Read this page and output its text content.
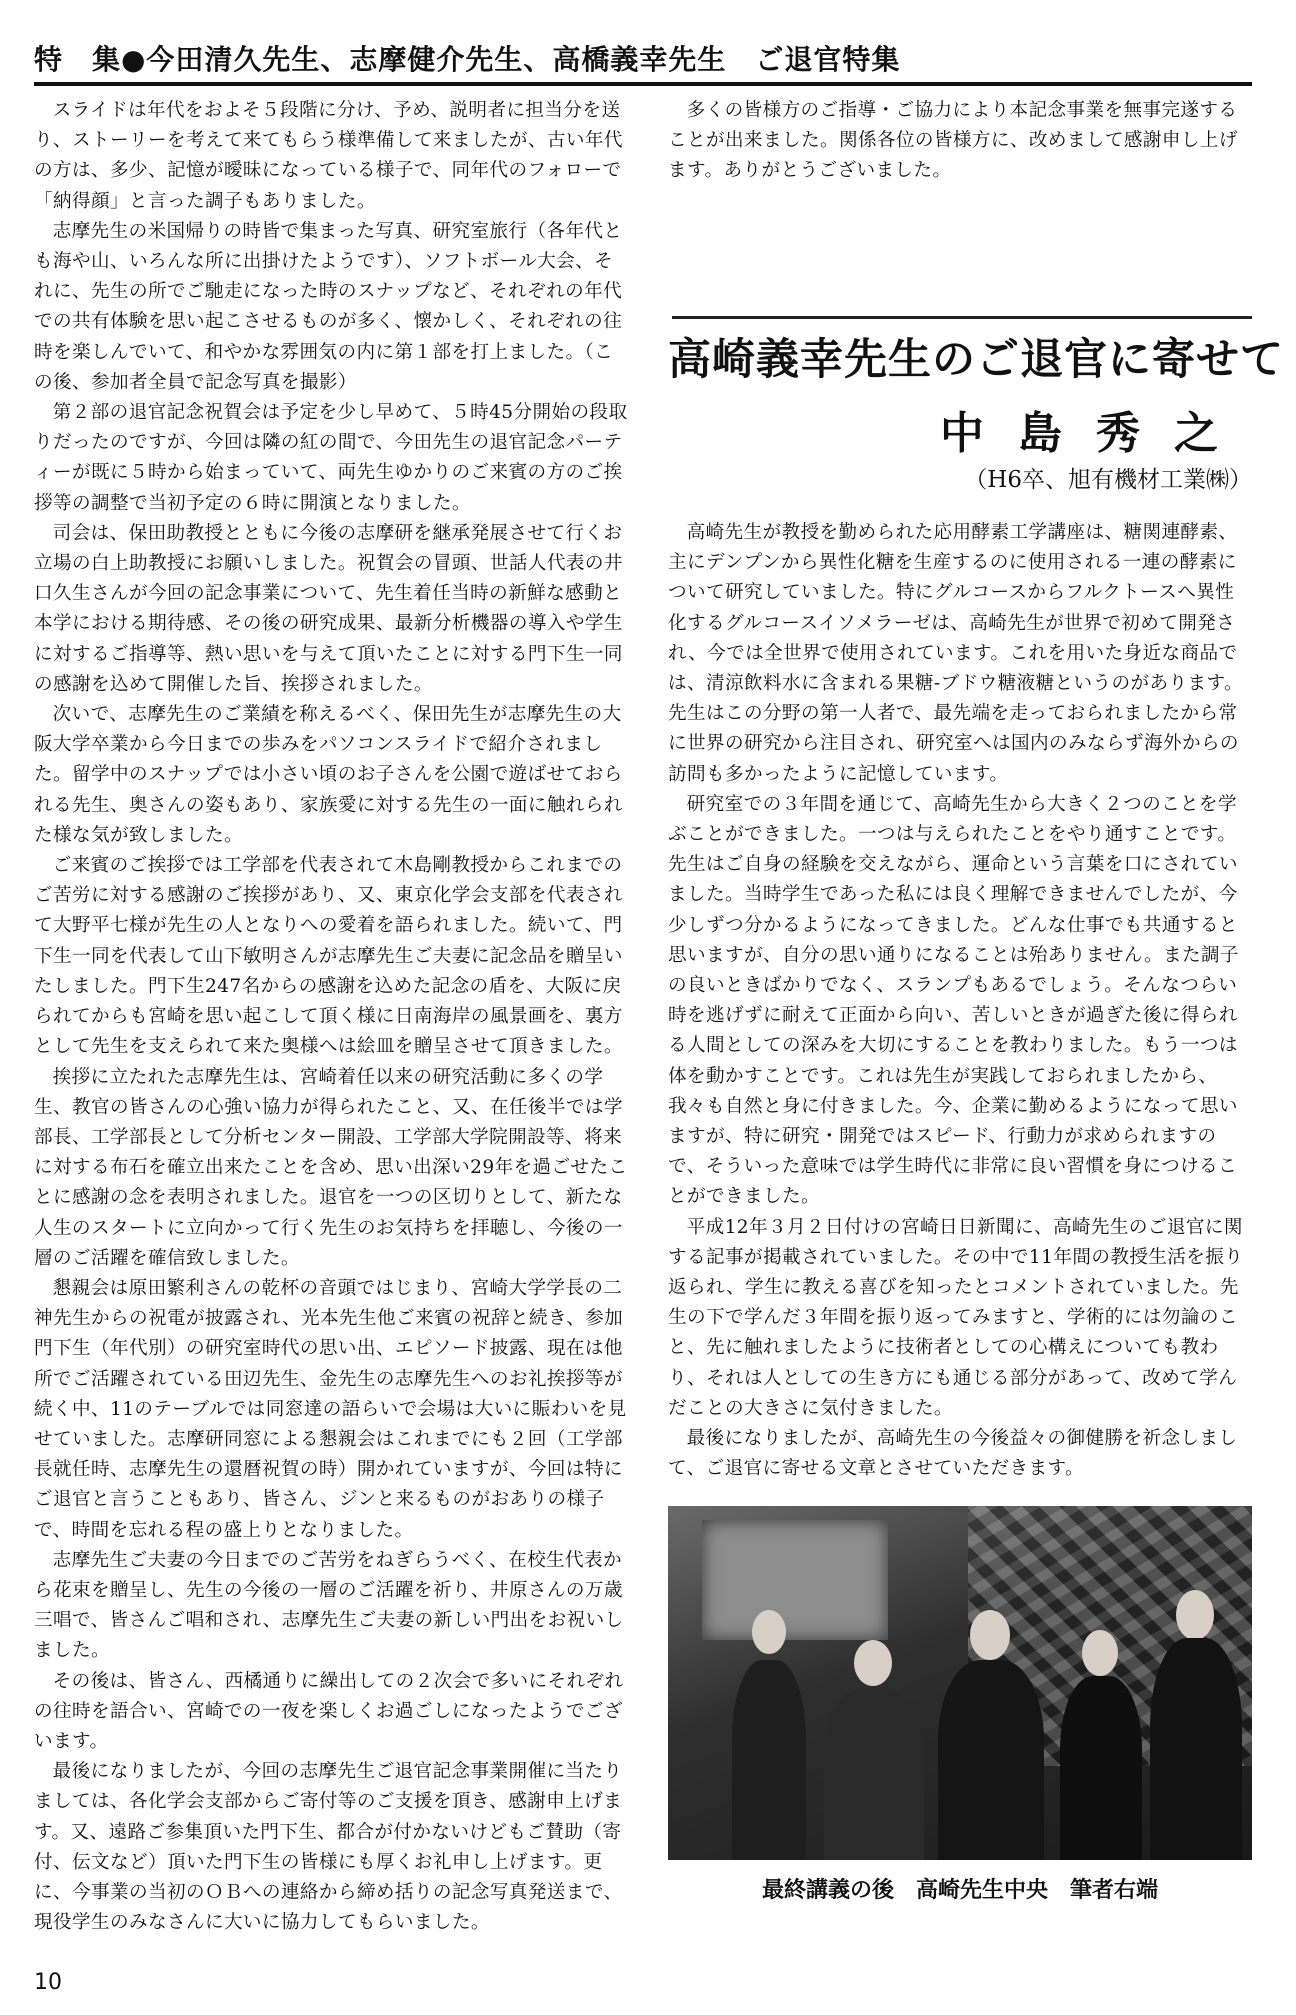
特　集●今田清久先生、志摩健介先生、高橋義幸先生　ご退官特集

スライドは年代をおよそ５段階に分け、予め、説明者に担当分を送り、ストーリーを考えて来てもらう様準備して来ましたが、古い年代の方は、多少、記憶が曖昧になっている様子で、同年代のフォローで「納得顔」と言った調子もありました。

志摩先生の米国帰りの時皆で集まった写真、研究室旅行（各年代とも海や山、いろんな所に出掛けたようです）、ソフトボール大会、それに、先生の所でご馳走になった時のスナップなど、それぞれの年代での共有体験を思い起こさせるものが多く、懐かしく、それぞれの往時を楽しんでいて、和やかな雰囲気の内に第１部を打上ました。（この後、参加者全員で記念写真を撮影）

第２部の退官記念祝賀会は予定を少し早めて、５時45分開始の段取りだったのですが、今回は隣の紅の間で、今田先生の退官記念パーティーが既に５時から始まっていて、両先生ゆかりのご来賓の方のご挨拶等の調整で当初予定の６時に開演となりました。

司会は、保田助教授とともに今後の志摩研を継承発展させて行くお立場の白上助教授にお願いしました。祝賀会の冒頭、世話人代表の井口久生さんが今回の記念事業について、先生着任当時の新鮮な感動と本学における期待感、その後の研究成果、最新分析機器の導入や学生に対するご指導等、熱い思いを与えて頂いたことに対する門下生一同の感謝を込めて開催した旨、挨拶されました。

次いで、志摩先生のご業績を称えるべく、保田先生が志摩先生の大阪大学卒業から今日までの歩みをパソコンスライドで紹介されました。留学中のスナップでは小さい頃のお子さんを公園で遊ばせておられる先生、奥さんの姿もあり、家族愛に対する先生の一面に触れられた様な気が致しました。

ご来賓のご挨拶では工学部を代表されて木島剛教授からこれまでのご苦労に対する感謝のご挨拶があり、又、東京化学会支部を代表されて大野平七様が先生の人となりへの愛着を語られました。続いて、門下生一同を代表して山下敏明さんが志摩先生ご夫妻に記念品を贈呈いたしました。門下生247名からの感謝を込めた記念の盾を、大阪に戻られてからも宮崎を思い起こして頂く様に日南海岸の風景画を、裏方として先生を支えられて来た奥様へは絵皿を贈呈させて頂きました。

挨拶に立たれた志摩先生は、宮崎着任以来の研究活動に多くの学生、教官の皆さんの心強い協力が得られたこと、又、在任後半では学部長、工学部長として分析センター開設、工学部大学院開設等、将来に対する布石を確立出来たことを含め、思い出深い29年を過ごせたことに感謝の念を表明されました。退官を一つの区切りとして、新たな人生のスタートに立向かって行く先生のお気持ちを拝聴し、今後の一層のご活躍を確信致しました。

懇親会は原田繁利さんの乾杯の音頭ではじまり、宮崎大学学長の二神先生からの祝電が披露され、光本先生他ご来賓の祝辞と続き、参加門下生（年代別）の研究室時代の思い出、エピソード披露、現在は他所でご活躍されている田辺先生、金先生の志摩先生へのお礼挨拶等が続く中、11のテーブルでは同窓達の語らいで会場は大いに賑わいを見せていました。志摩研同窓による懇親会はこれまでにも２回（工学部長就任時、志摩先生の還暦祝賀の時）開かれていますが、今回は特にご退官と言うこともあり、皆さん、ジンと来るものがおありの様子で、時間を忘れる程の盛上りとなりました。

志摩先生ご夫妻の今日までのご苦労をねぎらうべく、在校生代表から花束を贈呈し、先生の今後の一層のご活躍を祈り、井原さんの万歳三唱で、皆さんご唱和され、志摩先生ご夫妻の新しい門出をお祝いしました。

その後は、皆さん、西橘通りに繰出しての２次会で多いにそれぞれの往時を語合い、宮崎での一夜を楽しくお過ごしになったようでございます。

最後になりましたが、今回の志摩先生ご退官記念事業開催に当たりましては、各化学会支部からご寄付等のご支援を頂き、感謝申上げます。又、遠路ご参集頂いた門下生、都合が付かないけどもご賛助（寄付、伝文など）頂いた門下生の皆様にも厚くお礼申し上げます。更に、今事業の当初のＯＢへの連絡から締め括りの記念写真発送まで、現役学生のみなさんに大いに協力してもらいました。

多くの皆様方のご指導・ご協力により本記念事業を無事完遂することが出来ました。関係各位の皆様方に、改めまして感謝申し上げます。ありがとうございました。

高崎義幸先生のご退官に寄せて
中島秀之
（H6卒、旭有機材工業㈱）

高崎先生が教授を勤められた応用酵素工学講座は、糖関連酵素、主にデンプンから異性化糖を生産するのに使用される一連の酵素について研究していました。特にグルコースからフルクトースへ異性化するグルコースイソメラーゼは、高崎先生が世界で初めて開発され、今では全世界で使用されています。これを用いた身近な商品では、清涼飲料水に含まれる果糖-ブドウ糖液糖というのがあります。先生はこの分野の第一人者で、最先端を走っておられましたから常に世界の研究から注目され、研究室へは国内のみならず海外からの訪問も多かったように記憶しています。

研究室での３年間を通じて、高崎先生から大きく２つのことを学ぶことができました。一つは与えられたことをやり通すことです。先生はご自身の経験を交えながら、運命という言葉を口にされていました。当時学生であった私には良く理解できませんでしたが、今少しずつ分かるようになってきました。どんな仕事でも共通すると思いますが、自分の思い通りになることは殆ありません。また調子の良いときばかりでなく、スランプもあるでしょう。そんなつらい時を逃げずに耐えて正面から向い、苦しいときが過ぎた後に得られる人間としての深みを大切にすることを教わりました。もう一つは体を動かすことです。これは先生が実践しておられましたから、我々も自然と身に付きました。今、企業に勤めるようになって思いますが、特に研究・開発ではスピード、行動力が求められますので、そういった意味では学生時代に非常に良い習慣を身につけることができました。

平成12年３月２日付けの宮崎日日新聞に、高崎先生のご退官に関する記事が掲載されていました。その中で11年間の教授生活を振り返られ、学生に教える喜びを知ったとコメントされていました。先生の下で学んだ３年間を振り返ってみますと、学術的には勿論のこと、先に触れましたように技術者としての心構えについても教わり、それは人としての生き方にも通じる部分があって、改めて学んだことの大きさに気付きました。

最後になりましたが、高崎先生の今後益々の御健勝を祈念しまして、ご退官に寄せる文章とさせていただきます。

最終講義の後　高崎先生中央　筆者右端
10
